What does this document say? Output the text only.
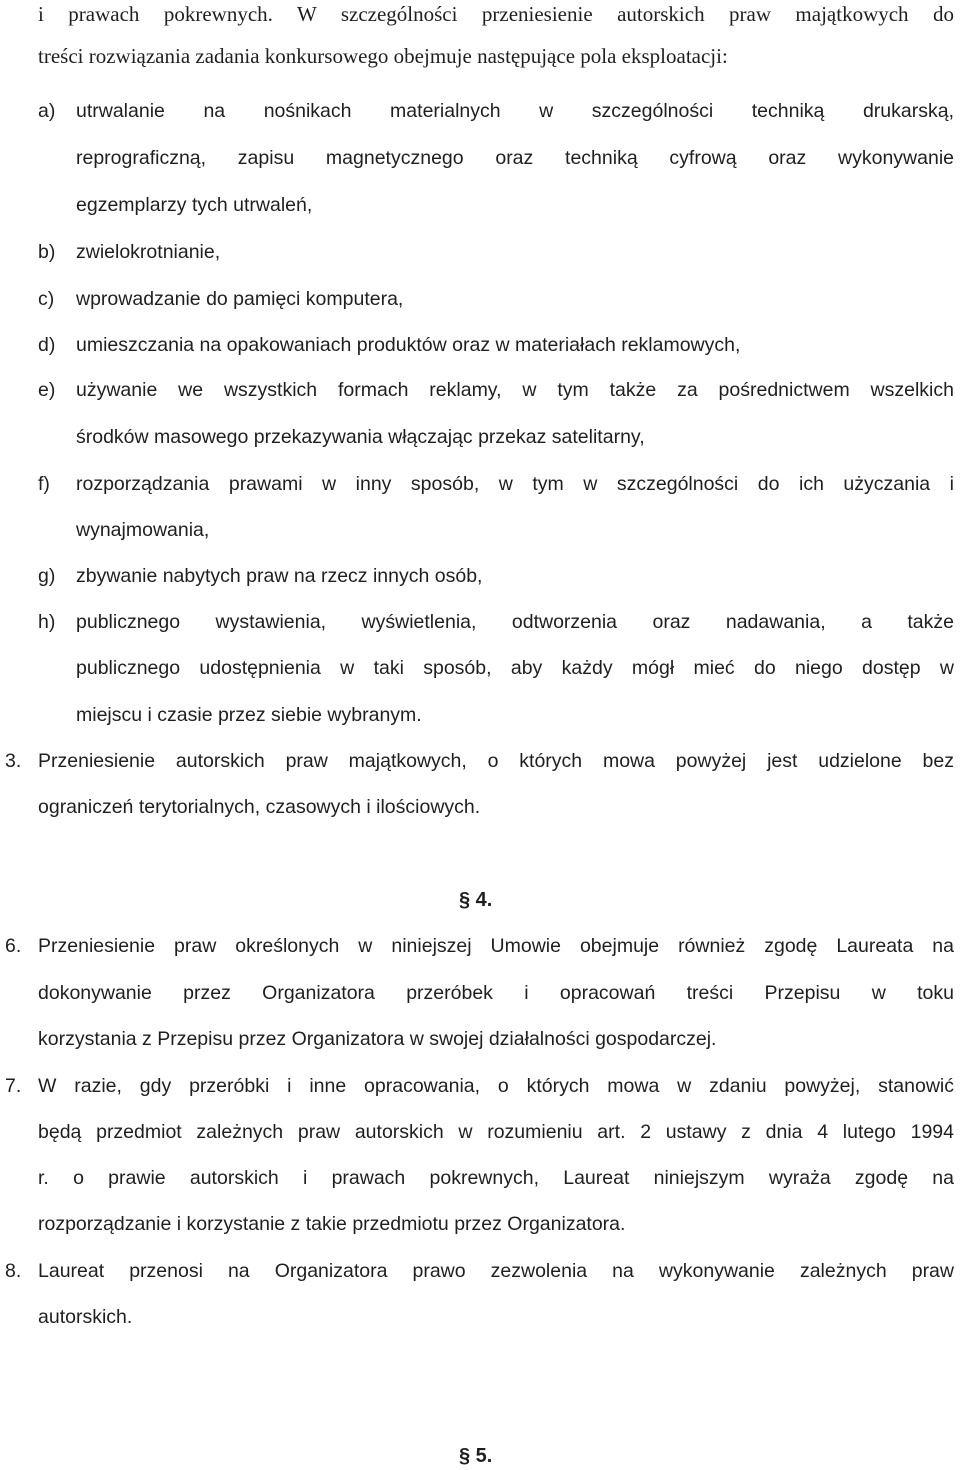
i prawach pokrewnych. W szczególności przeniesienie autorskich praw majątkowych do
treści rozwiązania zadania konkursowego obejmuje następujące pola eksploatacji:
a) utrwalanie na nośnikach materialnych w szczególności techniką drukarską,
reprograficzną, zapisu magnetycznego oraz techniką cyfrową oraz wykonywanie
egzemplarzy tych utrwaleń,
b) zwielokrotnianie,
c) wprowadzanie do pamięci komputera,
d) umieszczania na opakowaniach produktów oraz w materiałach reklamowych,
e) używanie we wszystkich formach reklamy, w tym także za pośrednictwem wszelkich
środków masowego przekazywania włączając przekaz satelitarny,
f) rozporządzania prawami w inny sposób, w tym w szczególności do ich użyczania i
wynajmowania,
g) zbywanie nabytych praw na rzecz innych osób,
h) publicznego wystawienia, wyświetlenia, odtworzenia oraz nadawania, a także
publicznego udostępnienia w taki sposób, aby każdy mógł mieć do niego dostęp w
miejscu i czasie przez siebie wybranym.
3. Przeniesienie autorskich praw majątkowych, o których mowa powyżej jest udzielone bez
ograniczeń terytorialnych, czasowych i ilościowych.
§ 4.
6. Przeniesienie praw określonych w niniejszej Umowie obejmuje również zgodę Laureata na
dokonywanie przez Organizatora przeróbek i opracowań treści Przepisu w toku
korzystania z Przepisu przez Organizatora w swojej działalności gospodarczej.
7. W razie, gdy przeróbki i inne opracowania, o których mowa w zdaniu powyżej, stanowić
będą przedmiot zależnych praw autorskich w rozumieniu art. 2 ustawy z dnia 4 lutego 1994
r. o prawie autorskich i prawach pokrewnych, Laureat niniejszym wyraża zgodę na
rozporządzanie i korzystanie z takie przedmiotu przez Organizatora.
8. Laureat przenosi na Organizatora prawo zezwolenia na wykonywanie zależnych praw
autorskich.
§ 5.
